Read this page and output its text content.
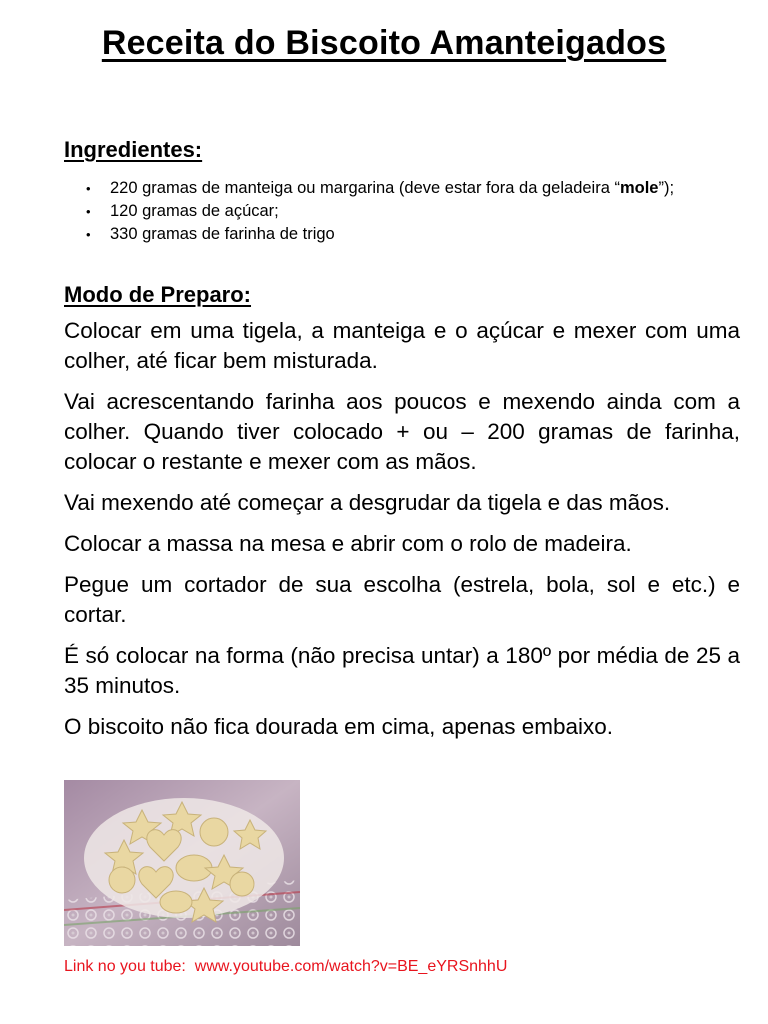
Receita do Biscoito Amanteigados
Ingredientes:
• 220 gramas de manteiga ou margarina (deve estar fora da geladeira “mole”);
• 120 gramas de açúcar;
• 330 gramas de farinha de trigo
Modo de Preparo:

Colocar em uma tigela, a manteiga e o açúcar e mexer com uma colher, até ficar bem misturada.

Vai acrescentando farinha aos poucos e mexendo ainda com a colher. Quando tiver colocado + ou – 200 gramas de farinha, colocar o restante e mexer com as mãos.

Vai mexendo até começar a desgrudar da tigela e das mãos.

Colocar a massa na mesa e abrir com o rolo de madeira.

Pegue um cortador de sua escolha (estrela, bola, sol e etc.) e cortar.

É só colocar na forma (não precisa untar) a 180º por média de 25 a 35 minutos.

O biscoito não fica dourada em cima, apenas embaixo.

Link no you tube:  www.youtube.com/watch?v=BE_eYRSnhhU
